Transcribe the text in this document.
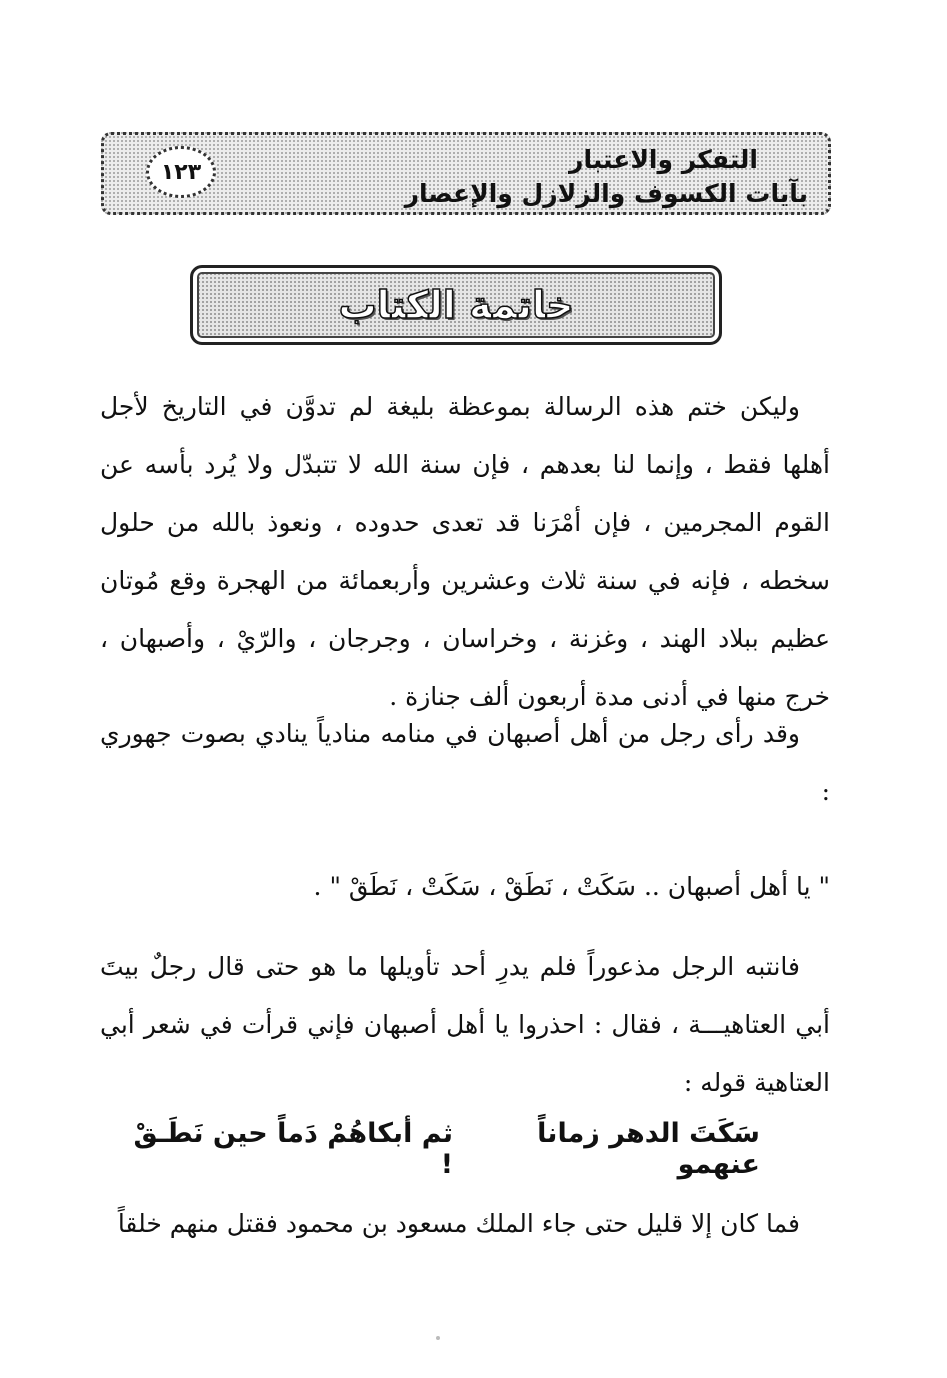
التفكر والاعتبار
بآيات الكسوف والزلازل والإعصار
١٢٣
خاتمة الكتاب
وليكن ختم هذه الرسالة بموعظة بليغة لم تدوَّن في التاريخ لأجل أهلها فقط ، وإنما لنا بعدهم ، فإن سنة الله لا تتبدّل ولا يُرد بأسه عن القوم المجرمين ، فإن أمْرَنا قد تعدى حدوده ، ونعوذ بالله من حلول سخطه ، فإنه في سنة ثلاث وعشرين وأربعمائة من الهجرة وقع مُوتان عظيم ببلاد الهند ، وغزنة ، وخراسان ، وجرجان ، والرّيْ ، وأصبهان ، خرج منها في أدنى مدة أربعون ألف جنازة .
وقد رأى رجل من أهل أصبهان في منامه منادياً ينادي بصوت جهوري :
" يا أهل أصبهان .. سَكَتْ ، نَطَقْ ، سَكَتْ ، نَطَقْ " .
فانتبه الرجل مذعوراً فلم يدرِ أحد تأويلها ما هو حتى قال رجلٌ بيتَ أبي العتاهيـــة ، فقال : احذروا يا أهل أصبهان فإني قرأت في شعر أبي العتاهية قوله :
سَكَتَ الدهر زماناً عنهمو
ثم أبكاهُمْ دَماً حين نَطَـقْ !
فما كان إلا قليل حتى جاء الملك مسعود بن محمود فقتل منهم خلقاً
